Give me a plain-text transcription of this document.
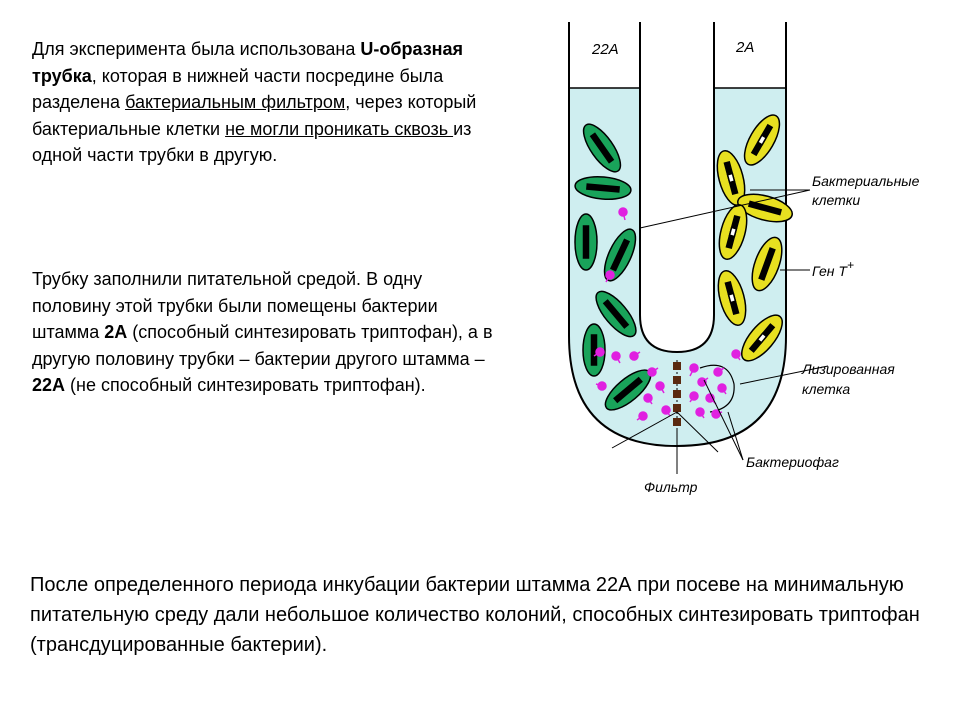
Для эксперимента была использована U-образная трубка, которая в нижней части посредине была разделена бактериальным фильтром, через который бактериальные клетки не могли проникать сквозь из одной части трубки в другую.

Трубку заполнили питательной средой. В одну половину этой трубки были помещены бактерии штамма 2А (способный синтезировать триптофан), а в другую половину трубки – бактерии другого штамма – 22А (не способный синтезировать триптофан).

После определенного периода инкубации бактерии штамма 22А при посеве на минимальную питательную среду дали небольшое количество колоний, способных синтезировать триптофан (трансдуцированные бактерии).

22А	2А
Бактериальные
клетки
Ген Т+
Лизированная
клетка
Бактериофаг
Фильтр
